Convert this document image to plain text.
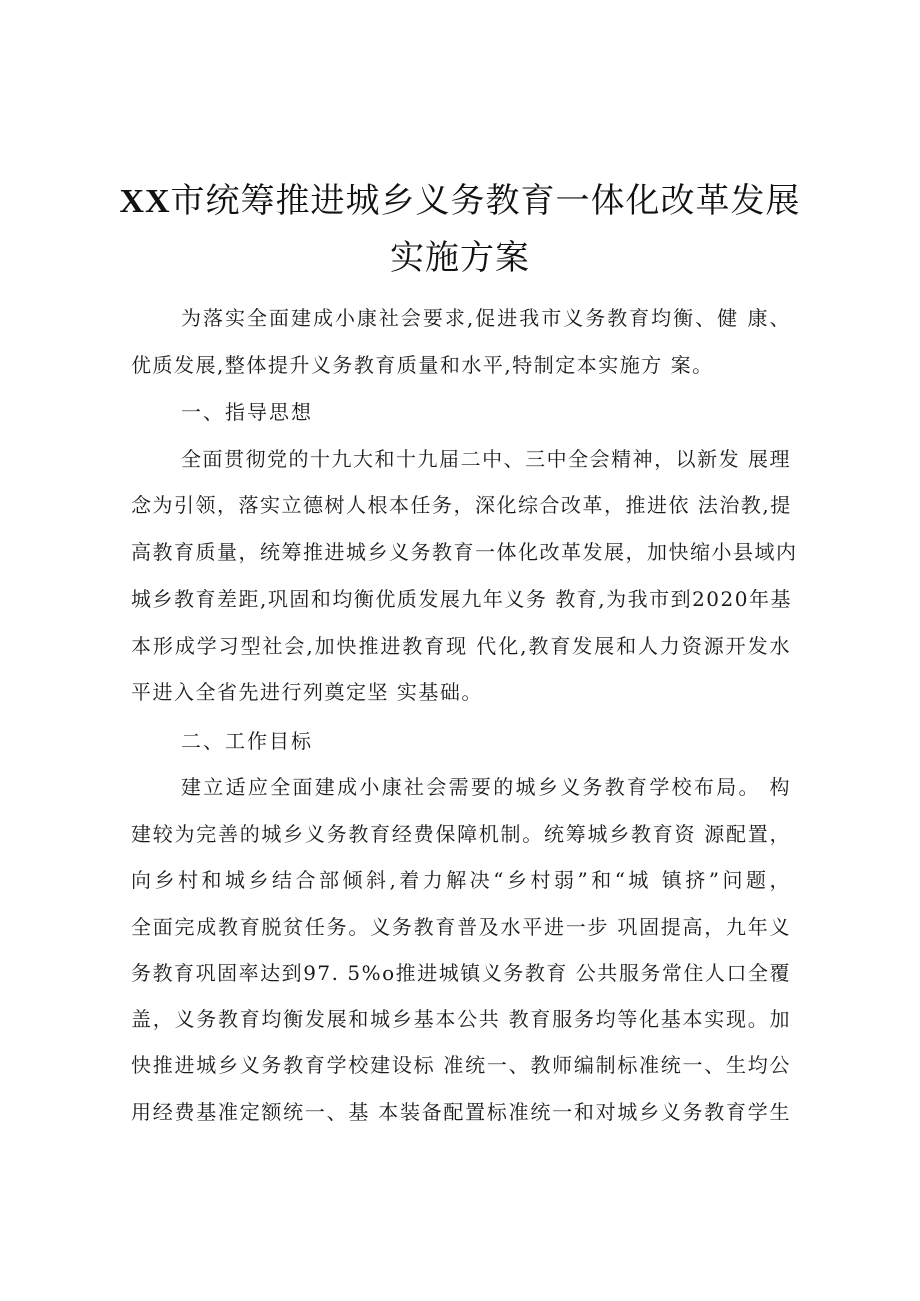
XX市统筹推进城乡义务教育一体化改革发展
实施方案
为落实全面建成小康社会要求,促进我市义务教育均衡、健 康、
优质发展,整体提升义务教育质量和水平,特制定本实施方 案。
一、指导思想
全面贯彻党的十九大和十九届二中、三中全会精神，以新发 展理
念为引领，落实立德树人根本任务，深化综合改革，推进依 法治教,提
高教育质量，统筹推进城乡义务教育一体化改革发展，加快缩小县域内
城乡教育差距,巩固和均衡优质发展九年义务 教育,为我市到2020年基
本形成学习型社会,加快推进教育现 代化,教育发展和人力资源开发水
平进入全省先进行列奠定坚 实基础。
二、工作目标
建立适应全面建成小康社会需要的城乡义务教育学校布局。 构
建较为完善的城乡义务教育经费保障机制。统筹城乡教育资 源配置，
向乡村和城乡结合部倾斜,着力解决“乡村弱”和“城 镇挤”问题，
全面完成教育脱贫任务。义务教育普及水平进一步 巩固提高，九年义
务教育巩固率达到97. 5%o推进城镇义务教育 公共服务常住人口全覆
盖，义务教育均衡发展和城乡基本公共 教育服务均等化基本实现。加
快推进城乡义务教育学校建设标 准统一、教师编制标准统一、生均公
用经费基准定额统一、基 本装备配置标准统一和对城乡义务教育学生
